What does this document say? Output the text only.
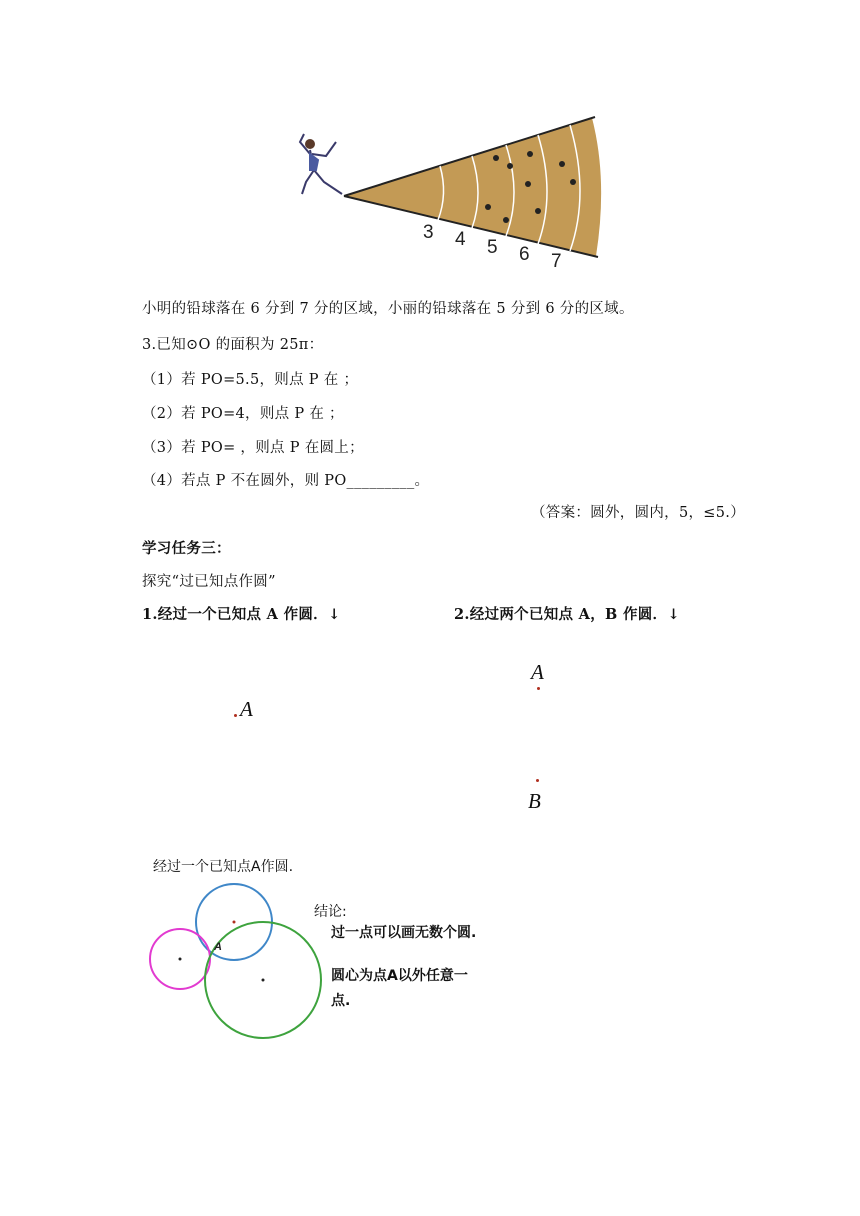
3 4 5 6 7
小明的铅球落在 6 分到 7 分的区域，小丽的铅球落在 5 分到 6 分的区域。
3.已知⊙O 的面积为 25π：
（1）若 PO=5.5，则点 P 在 ；
（2）若 PO=4，则点 P 在 ；
（3）若 PO= ，则点 P 在圆上；
（4）若点 P 不在圆外，则 PO_________。
（答案：圆外，圆内，5，≤5.）
学习任务三：
探究“过已知点作圆”
1.经过一个已知点 A 作圆．↓	2.经过两个已知点 A，B 作圆．↓
A
A
B
经过一个已知点A作圆.
A
结论:
过一点可以画无数个圆.
圆心为点A以外任意一
点.
